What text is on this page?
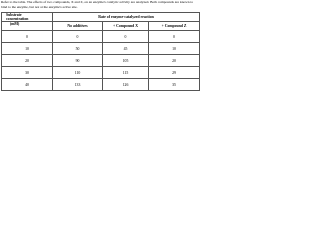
Refer to the table. The effects of two compounds, X and Z, on an enzyme's catalytic activity are analyzed. Both compounds are known to bind to the enzyme, but not at the enzyme's active site.

Substrate
concentration	Rate of enzyme-catalyzed reaction		
(mM)	No additives	+ Compound X	+ Compound Z
0	0	0	0
10	50	45	10
20	90	105	20
30	110	115	29
40	133	126	35
